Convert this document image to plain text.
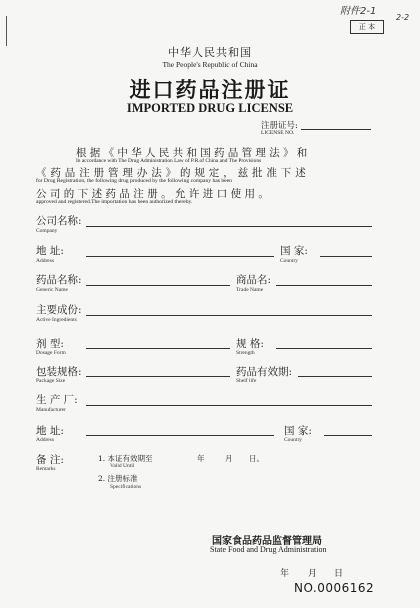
附件2-1
2-2
正 本
中华人民共和国
The People's Republic of China
进口药品注册证
IMPORTED DRUG LICENSE
注册证号:
LICENSE NO.
根据《中华人民共和国药品管理法》和
In accordance with The Drug Administration Law of P.R.of China and The Provisions
《药品注册管理办法》的规定，兹批准下述
for Drug Registration, the following drug produced by the following company has been
公司的下述药品注册。允许进口使用。
approved and registered.The importation has been authorized thereby.
公司名称:
Company
地 址:
Address
国 家:
Country
药品名称:
Generic Name
商品名:
Trade Name
主要成份:
Active Ingredients
剂 型:
Dosage Form
规 格:
Strength
包装规格:
Package Size
药品有效期:
Shelf life
生 产 厂:
Manufacturer
地 址:
Address
国 家:
Country
备 注:
Remarks
1. 本证有效期至
Valid Until
年	月 日。
2. 注册标准
Specifications
国家食品药品监督管理局
State Food and Drug Administration
年 月 日
NO.0006162
